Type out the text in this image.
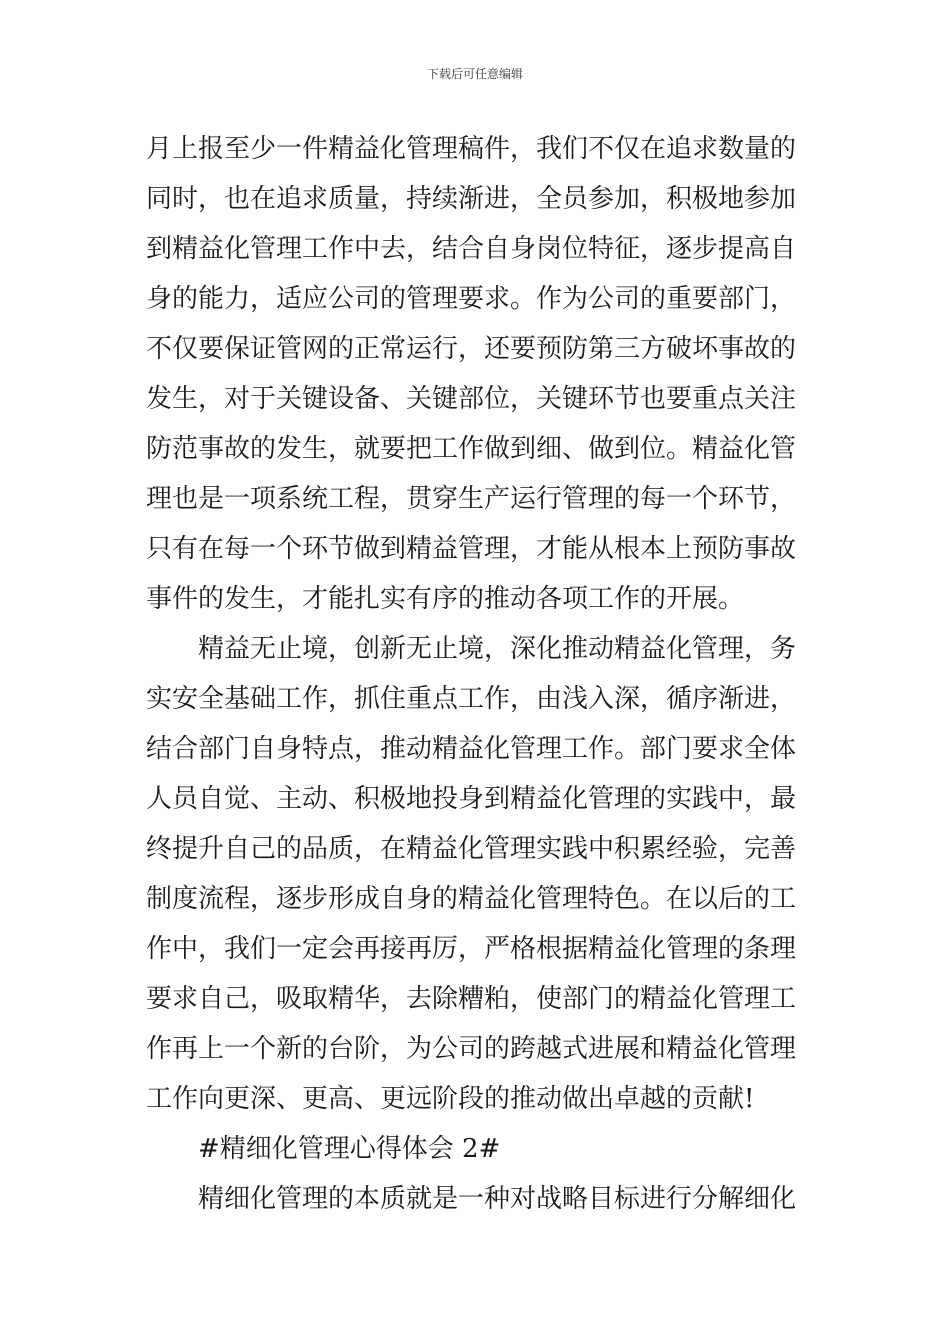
下载后可任意编辑
月上报至少一件精益化管理稿件，我们不仅在追求数量的
同时，也在追求质量，持续渐进，全员参加，积极地参加
到精益化管理工作中去，结合自身岗位特征，逐步提高自
身的能力，适应公司的管理要求。作为公司的重要部门，
不仅要保证管网的正常运行，还要预防第三方破坏事故的
发生，对于关键设备、关键部位，关键环节也要重点关注
防范事故的发生，就要把工作做到细、做到位。精益化管
理也是一项系统工程，贯穿生产运行管理的每一个环节，
只有在每一个环节做到精益管理，才能从根本上预防事故
事件的发生，才能扎实有序的推动各项工作的开展。
精益无止境，创新无止境，深化推动精益化管理，务
实安全基础工作，抓住重点工作，由浅入深，循序渐进，
结合部门自身特点，推动精益化管理工作。部门要求全体
人员自觉、主动、积极地投身到精益化管理的实践中，最
终提升自己的品质，在精益化管理实践中积累经验，完善
制度流程，逐步形成自身的精益化管理特色。在以后的工
作中，我们一定会再接再厉，严格根据精益化管理的条理
要求自己，吸取精华，去除糟粕，使部门的精益化管理工
作再上一个新的台阶，为公司的跨越式进展和精益化管理
工作向更深、更高、更远阶段的推动做出卓越的贡献!
#精细化管理心得体会 2#
精细化管理的本质就是一种对战略目标进行分解细化
